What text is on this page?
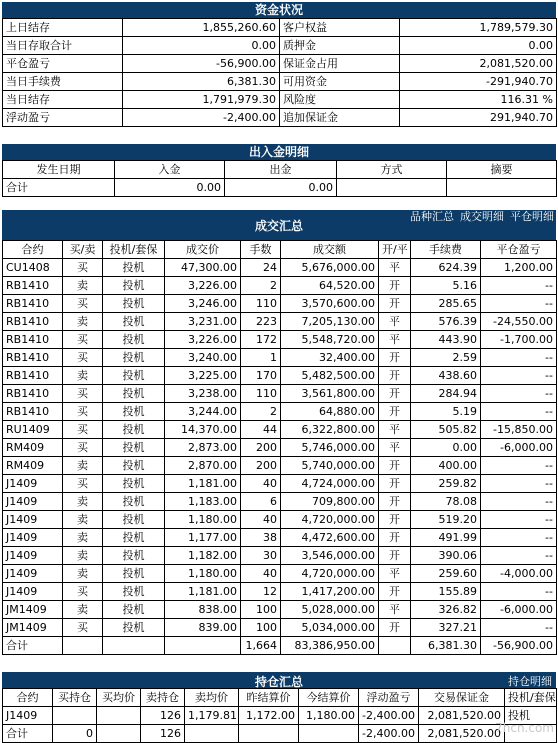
资金状况
上日结存	1,855,260.60	客户权益	1,789,579.30
当日存取合计	0.00	质押金	0.00
平仓盈亏	-56,900.00	保证金占用	2,081,520.00
当日手续费	6,381.30	可用资金	-291,940.70
当日结存	1,791,979.30	风险度	116.31 %
浮动盈亏	-2,400.00	追加保证金	291,940.70
出入金明细
发生日期	入金	出金	方式	摘要
合计	0.00	0.00		
成交汇总
品种汇总 成交明细 平仓明细
合约	买/卖	投机/套保	成交价	手数	成交额	开/平	手续费	平仓盈亏
CU1408	买	投机	47,300.00	24	5,676,000.00	平	624.39	1,200.00
RB1410	卖	投机	3,226.00	2	64,520.00	开	5.16	--
RB1410	买	投机	3,246.00	110	3,570,600.00	开	285.65	--
RB1410	卖	投机	3,231.00	223	7,205,130.00	平	576.39	-24,550.00
RB1410	买	投机	3,226.00	172	5,548,720.00	平	443.90	-1,700.00
RB1410	买	投机	3,240.00	1	32,400.00	开	2.59	--
RB1410	卖	投机	3,225.00	170	5,482,500.00	开	438.60	--
RB1410	买	投机	3,238.00	110	3,561,800.00	开	284.94	--
RB1410	买	投机	3,244.00	2	64,880.00	开	5.19	--
RU1409	买	投机	14,370.00	44	6,322,800.00	平	505.82	-15,850.00
RM409	买	投机	2,873.00	200	5,746,000.00	平	0.00	-6,000.00
RM409	卖	投机	2,870.00	200	5,740,000.00	开	400.00	--
J1409	买	投机	1,181.00	40	4,724,000.00	开	259.82	--
J1409	卖	投机	1,183.00	6	709,800.00	开	78.08	--
J1409	卖	投机	1,180.00	40	4,720,000.00	开	519.20	--
J1409	卖	投机	1,177.00	38	4,472,600.00	开	491.99	--
J1409	卖	投机	1,182.00	30	3,546,000.00	开	390.06	--
J1409	卖	投机	1,180.00	40	4,720,000.00	平	259.60	-4,000.00
J1409	买	投机	1,181.00	12	1,417,200.00	开	155.89	--
JM1409	卖	投机	838.00	100	5,028,000.00	平	326.82	-6,000.00
JM1409	买	投机	839.00	100	5,034,000.00	开	327.21	--
合计				1,664	83,386,950.00		6,381.30	-56,900.00
持仓汇总	持仓明细
合约	买持仓	买均价	卖持仓	卖均价	昨结算价	今结算价	浮动盈亏	交易保证金	投机/套保
J1409			126	1,179.81	1,172.00	1,180.00	-2,400.00	2,081,520.00	投机
合计	0		126				-2,400.00	2,081,520.00	
7hcn.com
